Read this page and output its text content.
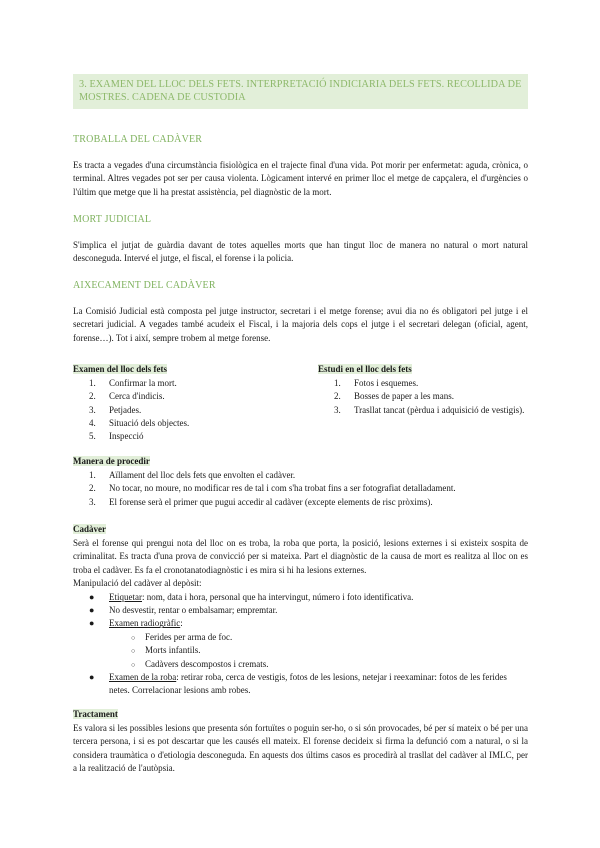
3. EXAMEN DEL LLOC DELS FETS. INTERPRETACIÓ INDICIARIA DELS FETS. RECOLLIDA DE MOSTRES. CADENA DE CUSTODIA
TROBALLA DEL CADÀVER

Es tracta a vegades d'una circumstància fisiològica en el trajecte final d'una vida. Pot morir per enfermetat: aguda, crònica, o terminal. Altres vegades pot ser per causa violenta. Lògicament intervé en primer lloc el metge de capçalera, el d'urgències o l'últim que metge que li ha prestat assistència, pel diagnòstic de la mort.

MORT JUDICIAL

S'implica el jutjat de guàrdia davant de totes aquelles morts que han tingut lloc de manera no natural o mort natural desconeguda. Intervé el jutge, el fiscal, el forense i la policia.

AIXECAMENT DEL CADÀVER

La Comisió Judicial està composta pel jutge instructor, secretari i el metge forense; avui dia no és obligatori pel jutge i el secretari judicial. A vegades també acudeix el Fiscal, i la majoria dels cops el jutge i el secretari delegan (oficial, agent, forense…). Tot i així, sempre trobem al metge forense.

Examen del lloc dels fets
1. Confirmar la mort.
2. Cerca d'indicis.
3. Petjades.
4. Situació dels objectes.
5. Inspecció
Estudi en el lloc dels fets
1. Fotos i esquemes.
2. Bosses de paper a les mans.
3. Trasllat tancat (pèrdua i adquisició de vestigis).
Manera de procedir
1. Aïllament del lloc dels fets que envolten el cadàver.
2. No tocar, no moure, no modificar res de tal i com s'ha trobat fins a ser fotografiat detalladament.
3. El forense serà el primer que pugui accedir al cadàver (excepte elements de risc pròxims).
Cadàver

Serà el forense qui prengui nota del lloc on es troba, la roba que porta, la posició, lesions externes i si existeix sospita de criminalitat. Es tracta d'una prova de convicció per si mateixa. Part el diagnòstic de la causa de mort es realitza al lloc on es troba el cadàver. Es fa el cronotanatodiagnòstic i es mira si hi ha lesions externes.

Manipulació del cadàver al depòsit:

● Etiquetar: nom, data i hora, personal que ha intervingut, número i foto identificativa.
● No desvestir, rentar o embalsamar; empremtar.
● Examen radiogràfic:
○ Ferides per arma de foc.
○ Morts infantils.
○ Cadàvers descompostos i cremats.
● Examen de la roba: retirar roba, cerca de vestigis, fotos de les lesions, netejar i reexaminar: fotos de les ferides netes. Correlacionar lesions amb robes.
Tractament

Es valora si les possibles lesions que presenta són fortuïtes o poguin ser-ho, o si són provocades, bé per sí mateix o bé per una tercera persona, i si es pot descartar que les causés ell mateix. El forense decideix si firma la defunció com a natural, o si la considera traumàtica o d'etiologia desconeguda. En aquests dos últims casos es procedirà al trasllat del cadàver al IMLC, per a la realització de l'autòpsia.
